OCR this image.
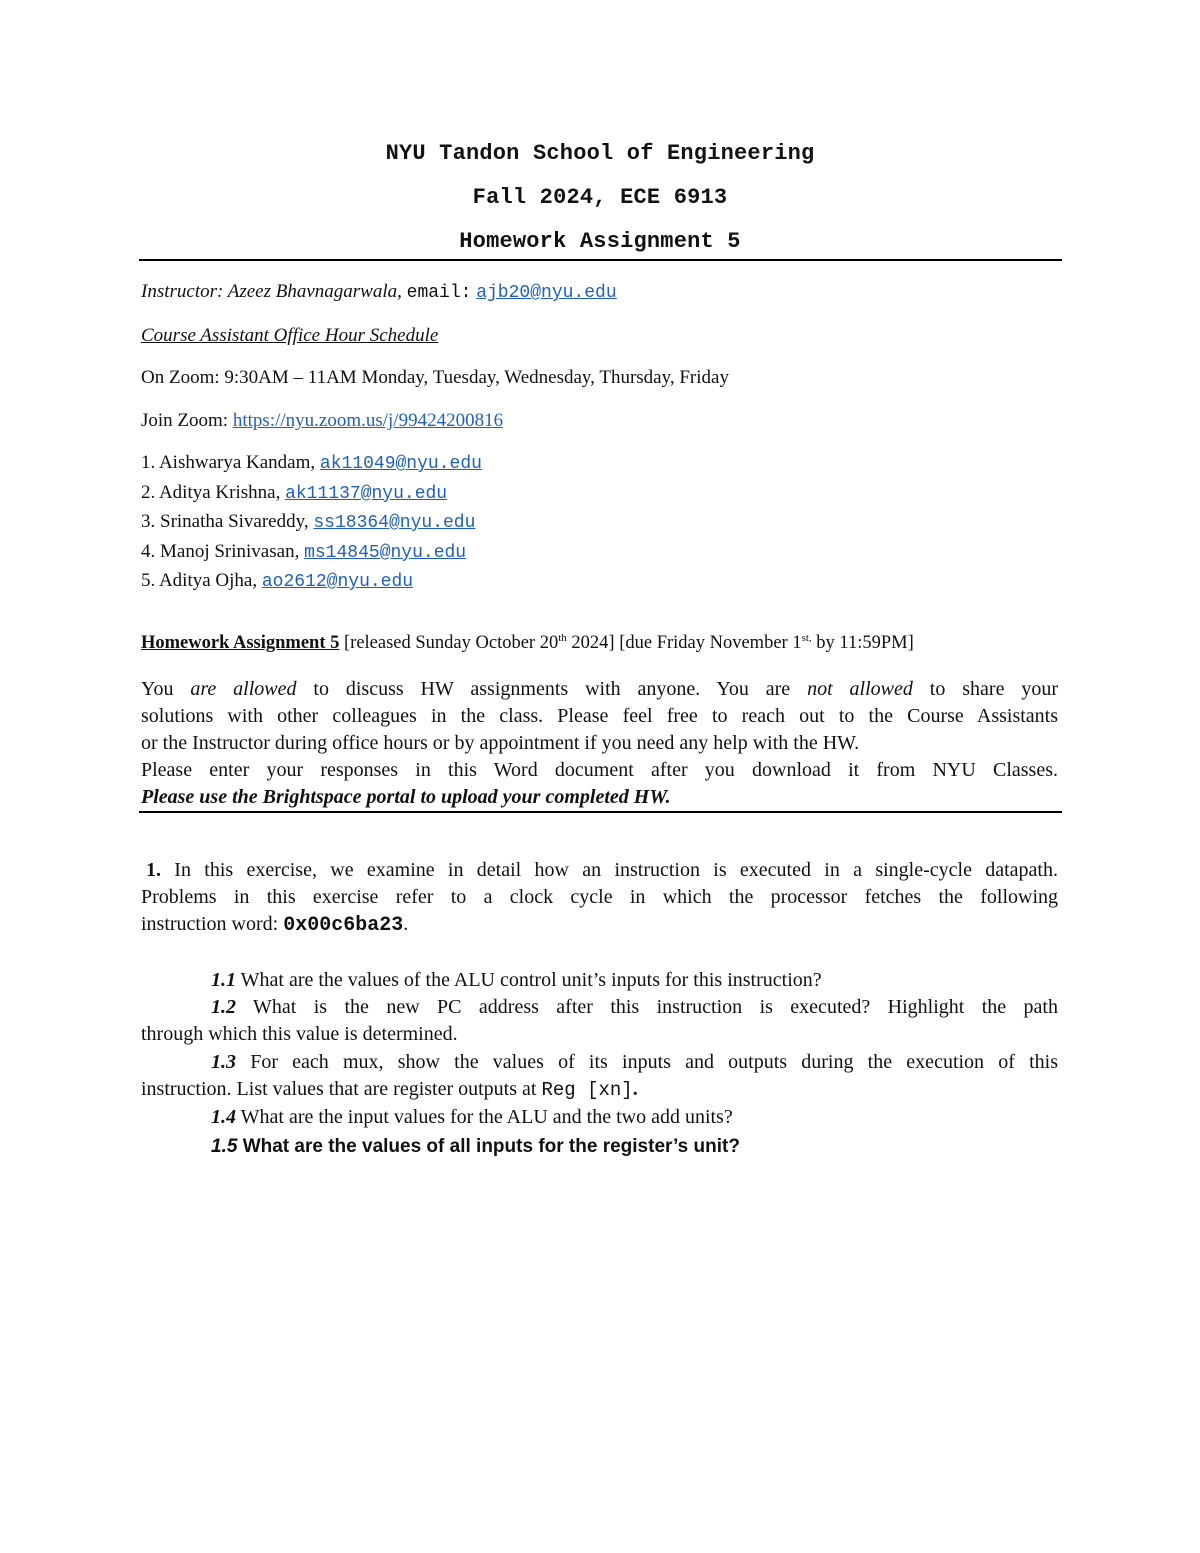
NYU Tandon School of Engineering
Fall 2024, ECE 6913
Homework Assignment 5
Instructor: Azeez Bhavnagarwala, email: ajb20@nyu.edu
Course Assistant Office Hour Schedule
On Zoom: 9:30AM – 11AM Monday, Tuesday, Wednesday, Thursday, Friday
Join Zoom: https://nyu.zoom.us/j/99424200816
1. Aishwarya Kandam, ak11049@nyu.edu
2. Aditya Krishna, ak11137@nyu.edu
3. Srinatha Sivareddy, ss18364@nyu.edu
4. Manoj Srinivasan, ms14845@nyu.edu
5. Aditya Ojha, ao2612@nyu.edu
Homework Assignment 5 [released Sunday October 20th 2024] [due Friday November $1^{st,}$ by 11:59PM]
You are allowed to discuss HW assignments with anyone. You are not allowed to share your
solutions with other colleagues in the class. Please feel free to reach out to the Course Assistants
or the Instructor during office hours or by appointment if you need any help with the HW.
Please enter your responses in this Word document after you download it from NYU Classes.
Please use the Brightspace portal to upload your completed HW.
1. In this exercise, we examine in detail how an instruction is executed in a single-cycle datapath.
Problems in this exercise refer to a clock cycle in which the processor fetches the following
instruction word: 0x00c6ba23.
1.1 What are the values of the ALU control unit’s inputs for this instruction?
1.2 What is the new PC address after this instruction is executed? Highlight the path
through which this value is determined.
1.3 For each mux, show the values of its inputs and outputs during the execution of this
instruction. List values that are register outputs at Reg [xn].
1.4 What are the input values for the ALU and the two add units?
1.5 What are the values of all inputs for the register’s unit?
